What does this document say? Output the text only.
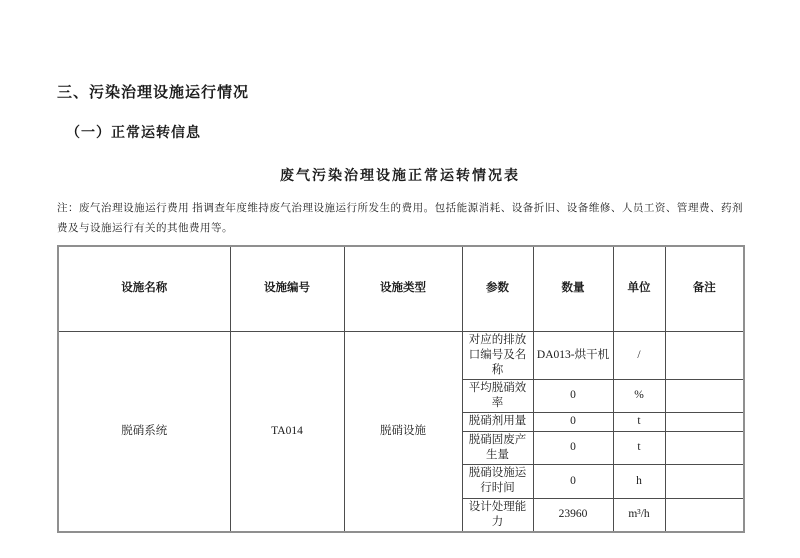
三、污染治理设施运行情况
（一）正常运转信息
废气污染治理设施正常运转情况表
注：废气治理设施运行费用 指调查年度维持废气治理设施运行所发生的费用。包括能源消耗、设备折旧、设备维修、人员工资、管理费、药剂费及与设施运行有关的其他费用等。
设施名称	设施编号	设施类型	参数	数量	单位	备注
脱硝系统	TA014	脱硝设施	对应的排放口编号及名称	DA013-烘干机	/	
			平均脱硝效率	0	%	
			脱硝剂用量	0	t	
			脱硝固废产生量	0	t	
			脱硝设施运行时间	0	h	
			设计处理能力	23960	m³/h	
